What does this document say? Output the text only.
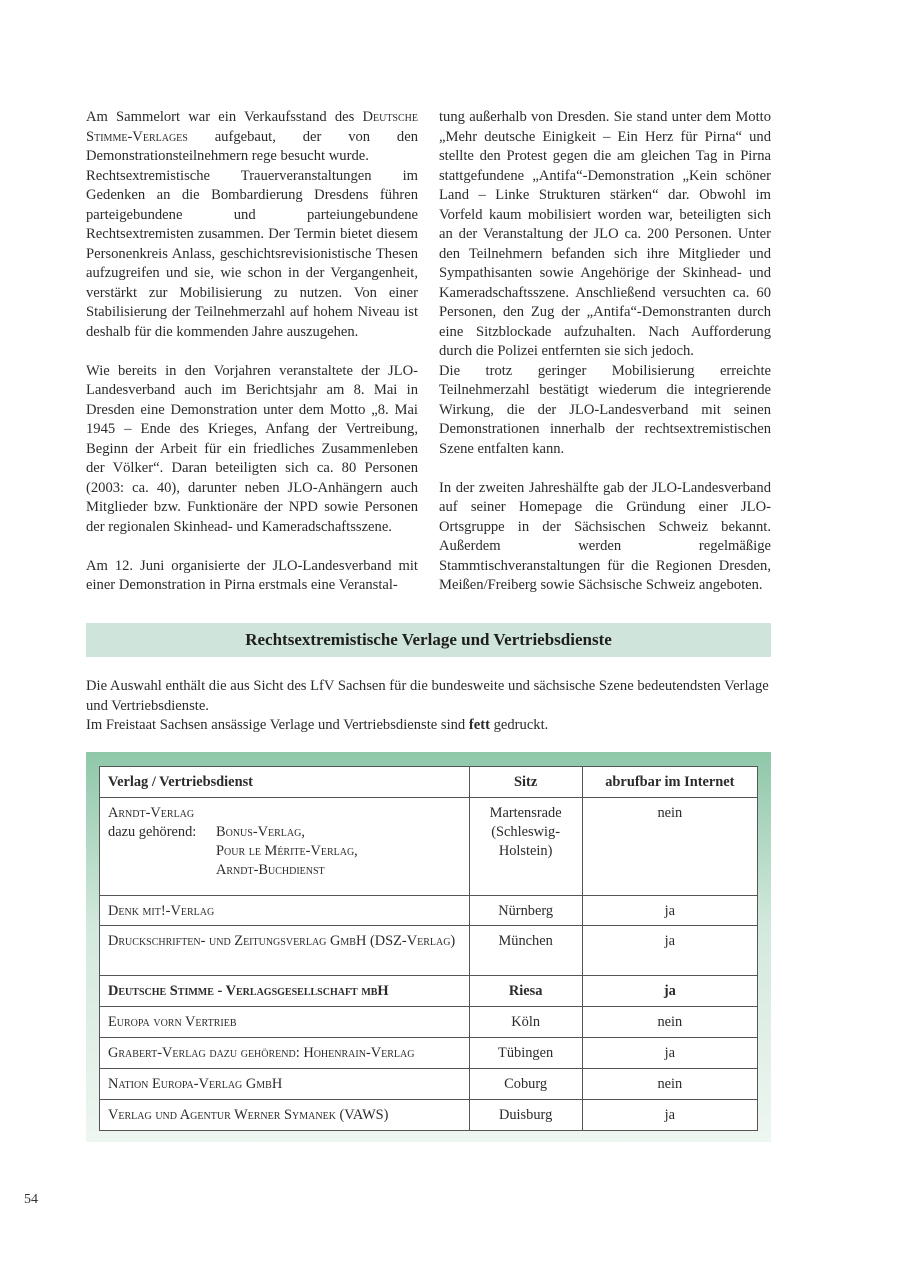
Am Sammelort war ein Verkaufsstand des Deutsche Stimme-Verlages aufgebaut, der von den Demonstrationsteilnehmern rege besucht wurde.

Rechtsextremistische Trauerveranstaltungen im Gedenken an die Bombardierung Dresdens führen parteigebundene und parteiungebundene Rechtsextremisten zusammen. Der Termin bietet diesem Personenkreis Anlass, geschichtsrevisionistische Thesen aufzugreifen und sie, wie schon in der Vergangenheit, verstärkt zur Mobilisierung zu nutzen. Von einer Stabilisierung der Teilnehmerzahl auf hohem Niveau ist deshalb für die kommenden Jahre auszugehen.

Wie bereits in den Vorjahren veranstaltete der JLO-Landesverband auch im Berichtsjahr am 8. Mai in Dresden eine Demonstration unter dem Motto „8. Mai 1945 – Ende des Krieges, Anfang der Vertreibung, Beginn der Arbeit für ein friedliches Zusammenleben der Völker“. Daran beteiligten sich ca. 80 Personen (2003: ca. 40), darunter neben JLO-Anhängern auch Mitglieder bzw. Funktionäre der NPD sowie Personen der regionalen Skinhead- und Kameradschaftsszene.

Am 12. Juni organisierte der JLO-Landesverband mit einer Demonstration in Pirna erstmals eine Veranstal-

tung außerhalb von Dresden. Sie stand unter dem Motto „Mehr deutsche Einigkeit – Ein Herz für Pirna“ und stellte den Protest gegen die am gleichen Tag in Pirna stattgefundene „Antifa“-Demonstration „Kein schöner Land – Linke Strukturen stärken“ dar. Obwohl im Vorfeld kaum mobilisiert worden war, beteiligten sich an der Veranstaltung der JLO ca. 200 Personen. Unter den Teilnehmern befanden sich ihre Mitglieder und Sympathisanten sowie Angehörige der Skinhead- und Kameradschaftsszene. Anschließend versuchten ca. 60 Personen, den Zug der „Antifa“-Demonstranten durch eine Sitzblockade aufzuhalten. Nach Aufforderung durch die Polizei entfernten sie sich jedoch.

Die trotz geringer Mobilisierung erreichte Teilnehmerzahl bestätigt wiederum die integrierende Wirkung, die der JLO-Landesverband mit seinen Demonstrationen innerhalb der rechtsextremistischen Szene entfalten kann.

In der zweiten Jahreshälfte gab der JLO-Landesverband auf seiner Homepage die Gründung einer JLO-Ortsgruppe in der Sächsischen Schweiz bekannt. Außerdem werden regelmäßige Stammtischveranstaltungen für die Regionen Dresden, Meißen/Freiberg sowie Sächsische Schweiz angeboten.

Rechtsextremistische Verlage und Vertriebsdienste

Die Auswahl enthält die aus Sicht des LfV Sachsen für die bundesweite und sächsische Szene bedeutendsten Verlage und Vertriebsdienste.

Im Freistaat Sachsen ansässige Verlage und Vertriebsdienste sind fett gedruckt.

Verlag / Vertriebsdienst	Sitz	abrufbar im Internet

Arndt-Verlag
dazu gehörend: Bonus-Verlag,
Pour le Mérite-Verlag,
Arndt-Buchdienst	Martensrade (Schleswig-Holstein)	nein
Denk mit!-Verlag	Nürnberg	ja
Druckschriften- und Zeitungsverlag GmbH (DSZ-Verlag)	München	ja
Deutsche Stimme - Verlagsgesellschaft mbH	Riesa	ja
Europa vorn Vertrieb	Köln	nein
Grabert-Verlag dazu gehörend: Hohenrain-Verlag	Tübingen	ja
Nation Europa-Verlag GmbH	Coburg	nein
Verlag und Agentur Werner Symanek (VAWS)	Duisburg	ja
54
